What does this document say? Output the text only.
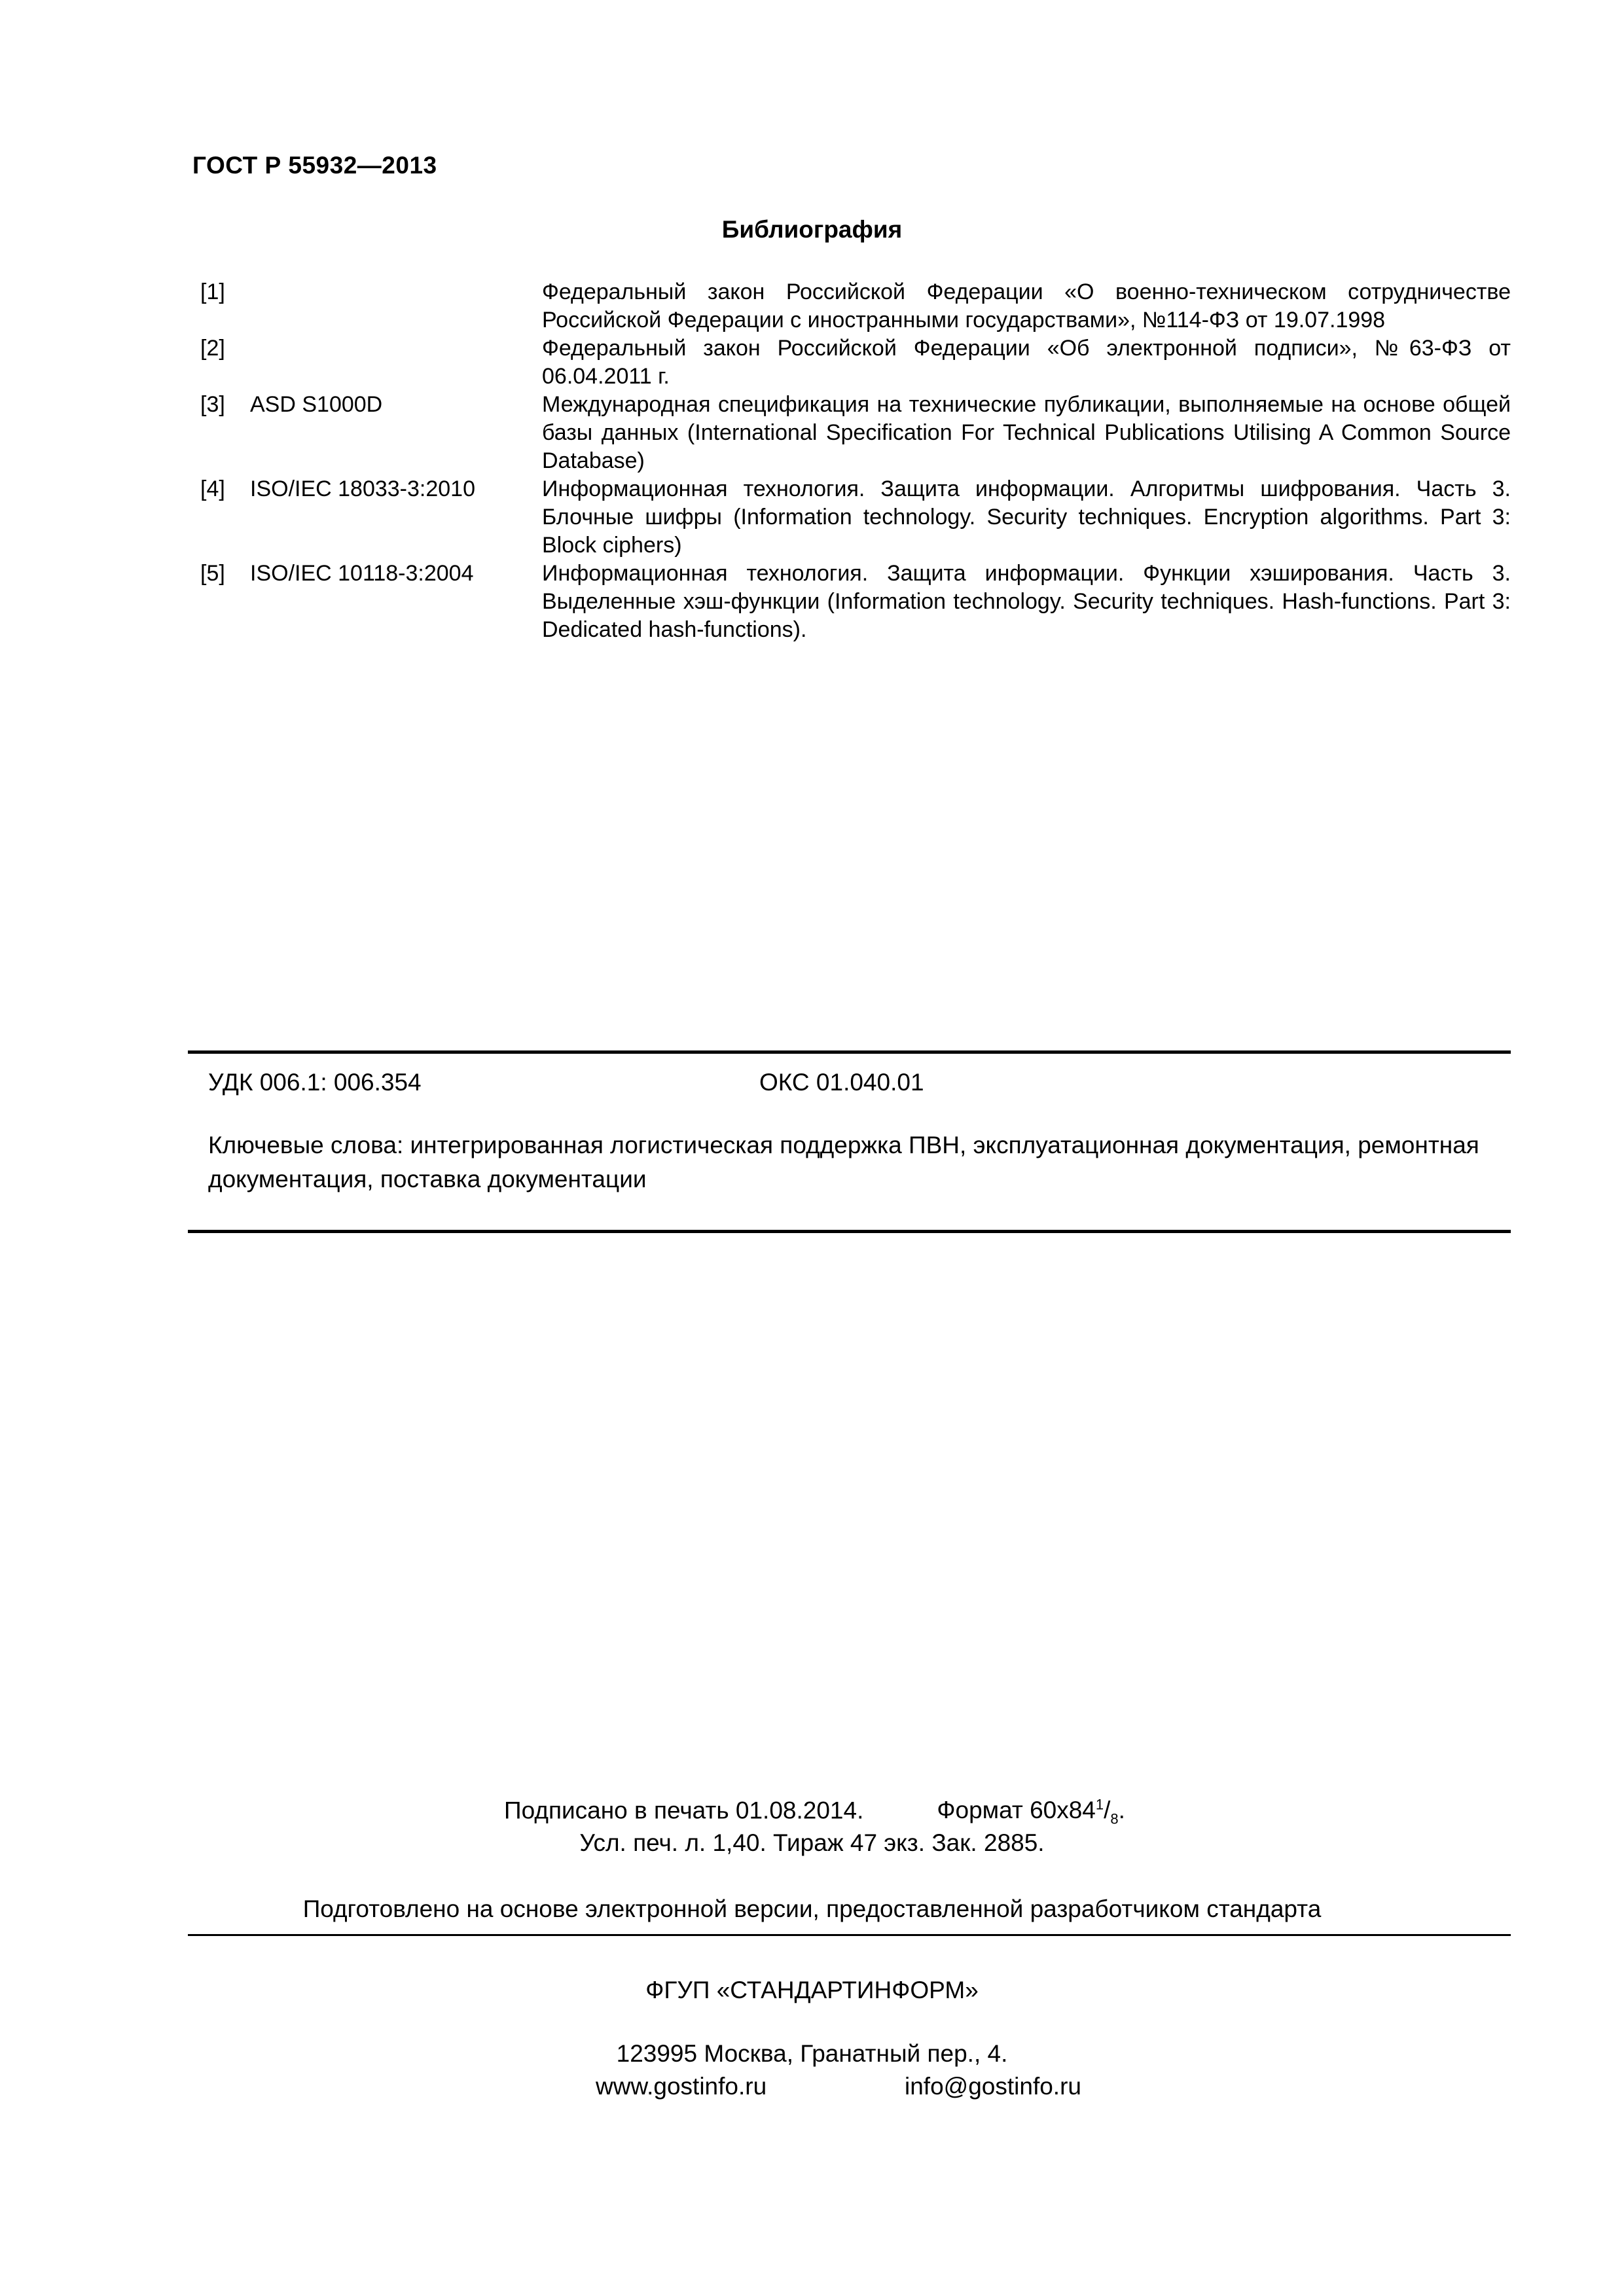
ГОСТ Р 55932—2013
Библиография
[1]	Федеральный закон Российской Федерации «О военно-техническом сотрудничестве Российской Федерации с иностранными государствами», №114-ФЗ от 19.07.1998
[2]	Федеральный закон Российской Федерации «Об электронной подписи», №63-ФЗ от 06.04.2011 г.
[3] ASD S1000D	Международная спецификация на технические публикации, выполняемые на основе общей базы данных (International Specification For Technical Publications Utilising A Common Source Database)
[4] ISO/IEC 18033-3:2010	Информационная технология. Защита информации. Алгоритмы шифрования. Часть 3. Блочные шифры (Information technology. Security techniques. Encryption algorithms. Part 3: Block ciphers)
[5] ISO/IEC 10118-3:2004	Информационная технология. Защита информации. Функции хэширования. Часть 3. Выделенные хэш-функции (Information technology. Security techniques. Hash-functions. Part 3: Dedicated hash-functions).
УДК 006.1: 006.354	ОКС 01.040.01
Ключевые слова: интегрированная логистическая поддержка ПВН, эксплуатационная документация, ремонтная документация, поставка документации
Подписано в печать 01.08.2014.	Формат $60x84^1/_8$.
Усл. печ. л. 1,40. Тираж 47 экз. Зак. 2885.
Подготовлено на основе электронной версии, предоставленной разработчиком стандарта
ФГУП «СТАНДАРТИНФОРМ»
123995 Москва, Гранатный пер., 4.
www.gostinfo.ru	info@gostinfo.ru
